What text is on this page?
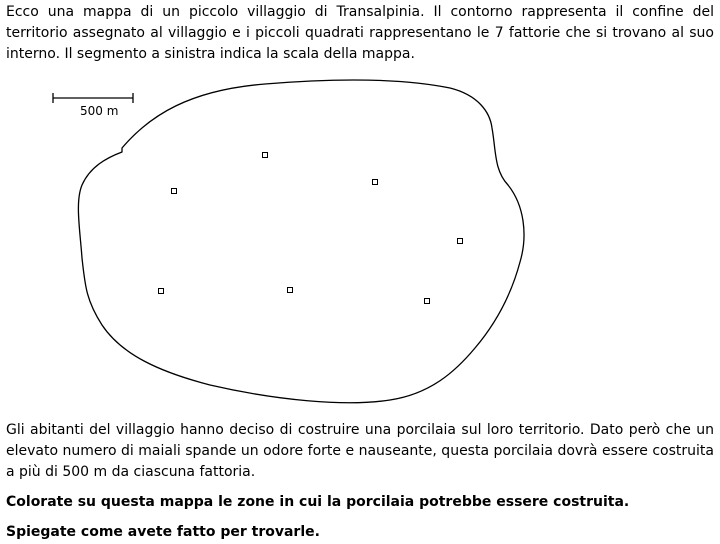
Ecco una mappa di un piccolo villaggio di Transalpinia. Il contorno rappresenta il confine del territorio assegnato al villaggio e i piccoli quadrati rappresentano le 7 fattorie che si trovano al suo interno. Il segmento a sinistra indica la scala della mappa.

500 m

Gli abitanti del villaggio hanno deciso di costruire una porcilaia sul loro territorio. Dato però che un elevato numero di maiali spande un odore forte e nauseante, questa porcilaia dovrà essere costruita a più di 500 m da ciascuna fattoria.

Colorate su questa mappa le zone in cui la porcilaia potrebbe essere costruita.

Spiegate come avete fatto per trovarle.
